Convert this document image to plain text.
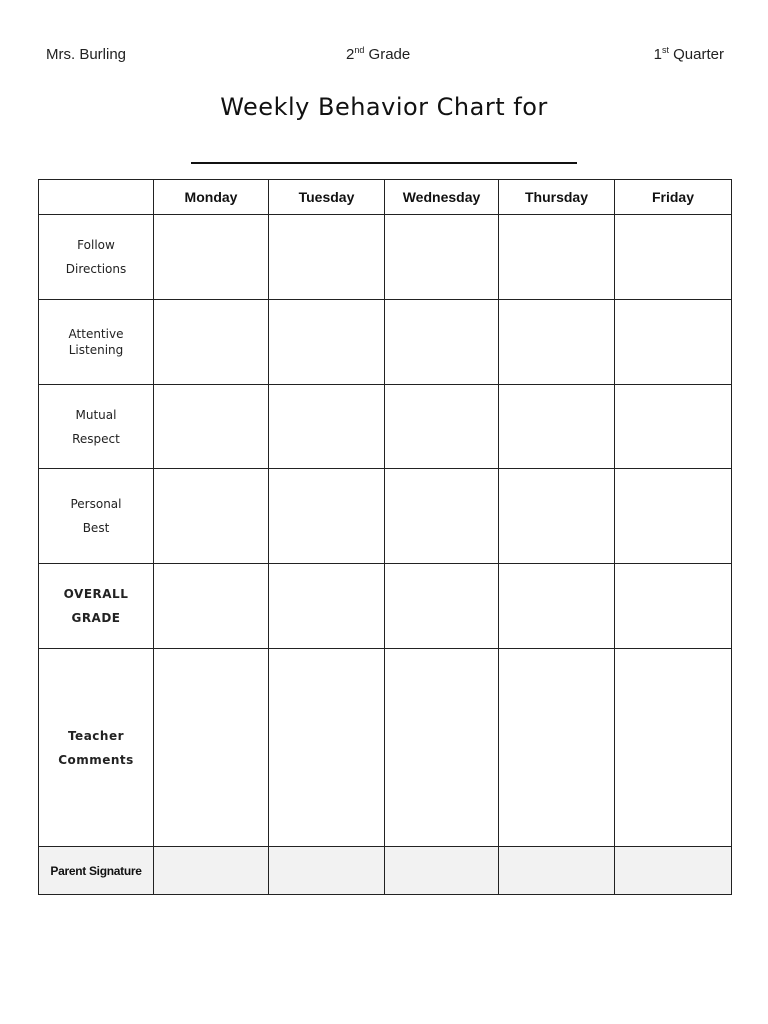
Mrs. Burling	2nd Grade	1st Quarter
Weekly Behavior Chart for
	Monday	Tuesday	Wednesday	Thursday	Friday

Follow
Directions					

Attentive
Listening					

Mutual
Respect					

Personal
Best					

OVERALL
GRADE					

Teacher
Comments					

Parent Signature					
